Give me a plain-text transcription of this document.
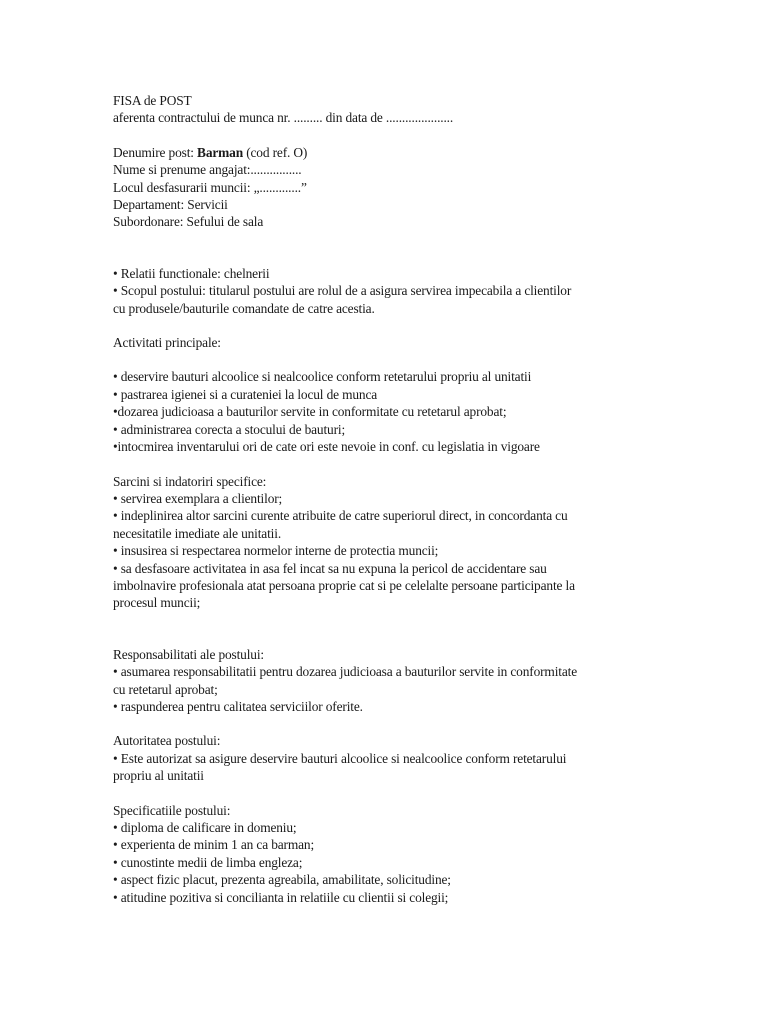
FISA de POST

aferenta contractului de munca nr. ......... din data de .....................

Denumire post: Barman (cod ref. O)

Nume si prenume angajat:................

Locul desfasurarii muncii: „.............”

Departament: Servicii

Subordonare: Sefului de sala

• Relatii functionale: chelnerii

• Scopul postului: titularul postului are rolul de a asigura servirea impecabila a clientilor

cu produsele/bauturile comandate de catre acestia.

Activitati principale:

• deservire bauturi alcoolice si nealcoolice conform retetarului propriu al unitatii

• pastrarea igienei si a curateniei la locul de munca

•dozarea judicioasa a bauturilor servite in conformitate cu retetarul aprobat;

• administrarea corecta a stocului de bauturi;

•intocmirea inventarului ori de cate ori este nevoie in conf. cu legislatia in vigoare

Sarcini si indatoriri specifice:

• servirea exemplara a clientilor;

• indeplinirea altor sarcini curente atribuite de catre superiorul direct, in concordanta cu

necesitatile imediate ale unitatii.

• insusirea si respectarea normelor interne de protectia muncii;

• sa desfasoare activitatea in asa fel incat sa nu expuna la pericol de accidentare sau

imbolnavire profesionala atat persoana proprie cat si pe celelalte persoane participante la

procesul muncii;

Responsabilitati ale postului:

• asumarea responsabilitatii pentru dozarea judicioasa a bauturilor servite in conformitate

cu retetarul aprobat;

• raspunderea pentru calitatea serviciilor oferite.

Autoritatea postului:

• Este autorizat sa asigure deservire bauturi alcoolice si nealcoolice conform retetarului

propriu al unitatii

Specificatiile postului:

• diploma de calificare in domeniu;

• experienta de minim 1 an ca barman;

• cunostinte medii de limba engleza;

• aspect fizic placut, prezenta agreabila, amabilitate, solicitudine;

• atitudine pozitiva si concilianta in relatiile cu clientii si colegii;
